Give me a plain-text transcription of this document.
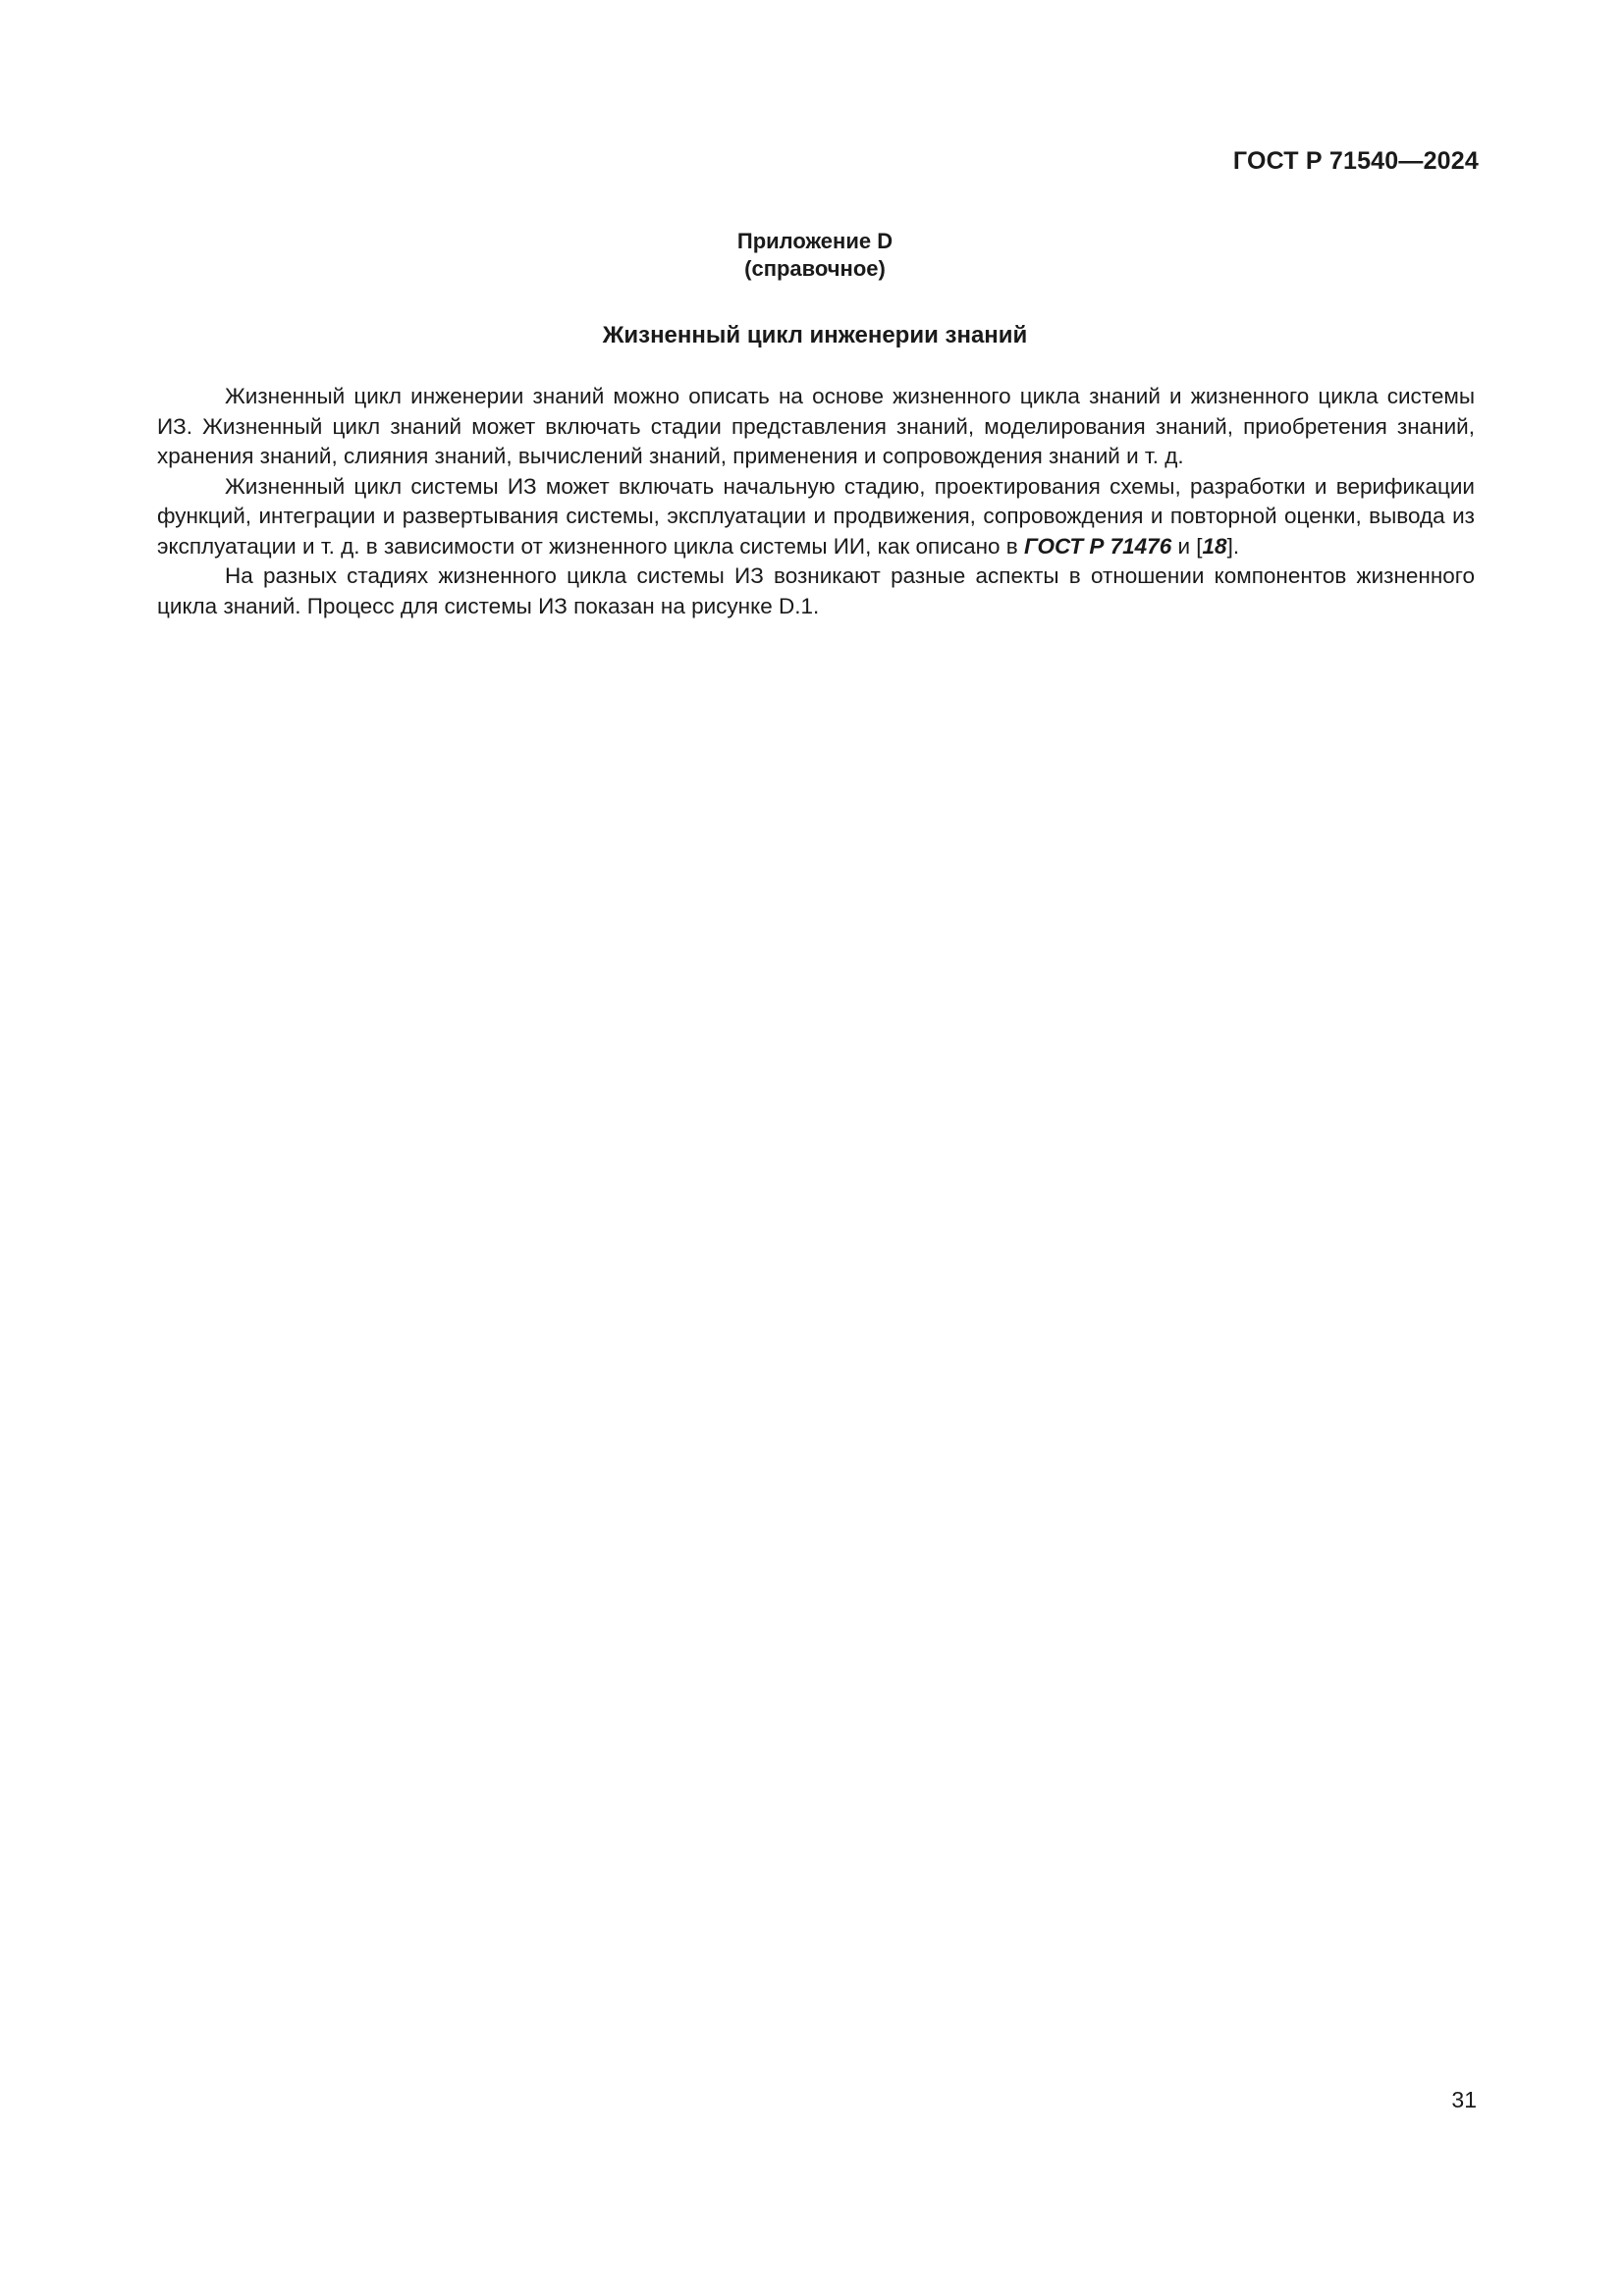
ГОСТ Р 71540—2024
Приложение D
(справочное)
Жизненный цикл инженерии знаний

Жизненный цикл инженерии знаний можно описать на основе жизненного цикла знаний и жизненного цикла системы ИЗ. Жизненный цикл знаний может включать стадии представления знаний, моделирования знаний, приобретения знаний, хранения знаний, слияния знаний, вычислений знаний, применения и сопровождения знаний и т. д.

Жизненный цикл системы ИЗ может включать начальную стадию, проектирования схемы, разработки и верификации функций, интеграции и развертывания системы, эксплуатации и продвижения, сопровождения и повторной оценки, вывода из эксплуатации и т. д. в зависимости от жизненного цикла системы ИИ, как описано в ГОСТ Р 71476 и [18].

На разных стадиях жизненного цикла системы ИЗ возникают разные аспекты в отношении компонентов жизненного цикла знаний. Процесс для системы ИЗ показан на рисунке D.1.

31
